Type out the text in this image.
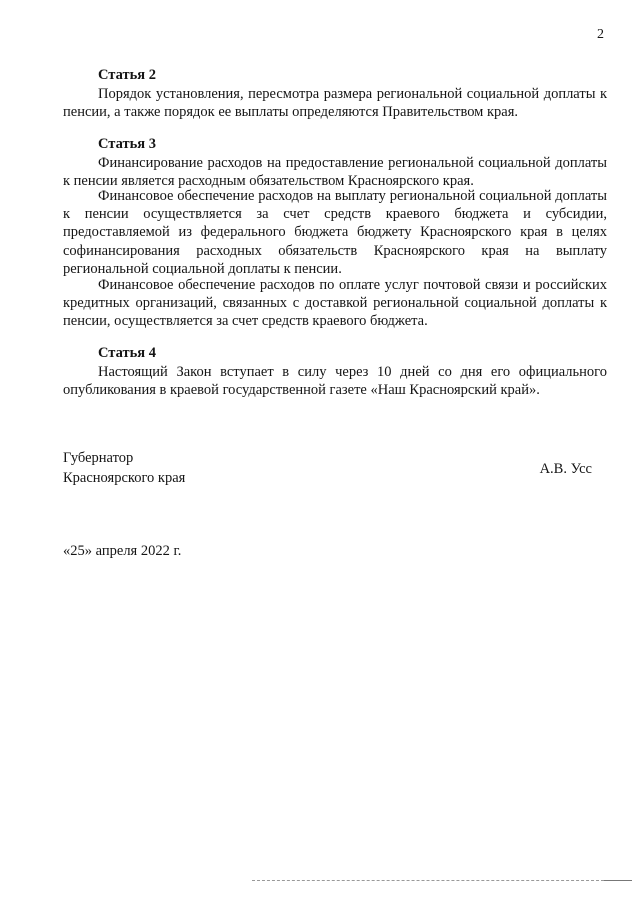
2
Статья 2
Порядок установления, пересмотра размера региональной социальной доплаты к пенсии, а также порядок ее выплаты определяются Правительством края.
Статья 3
Финансирование расходов на предоставление региональной социальной доплаты к пенсии является расходным обязательством Красноярского края.
Финансовое обеспечение расходов на выплату региональной социальной доплаты к пенсии осуществляется за счет средств краевого бюджета и субсидии, предоставляемой из федерального бюджета бюджету Красноярского края в целях софинансирования расходных обязательств Красноярского края на выплату региональной социальной доплаты к пенсии.
Финансовое обеспечение расходов по оплате услуг почтовой связи и российских кредитных организаций, связанных с доставкой региональной социальной доплаты к пенсии, осуществляется за счет средств краевого бюджета.
Статья 4
Настоящий Закон вступает в силу через 10 дней со дня его официального опубликования в краевой государственной газете «Наш Красноярский край».
Губернатор
Красноярского края
А.В. Усс
«25» апреля 2022 г.
